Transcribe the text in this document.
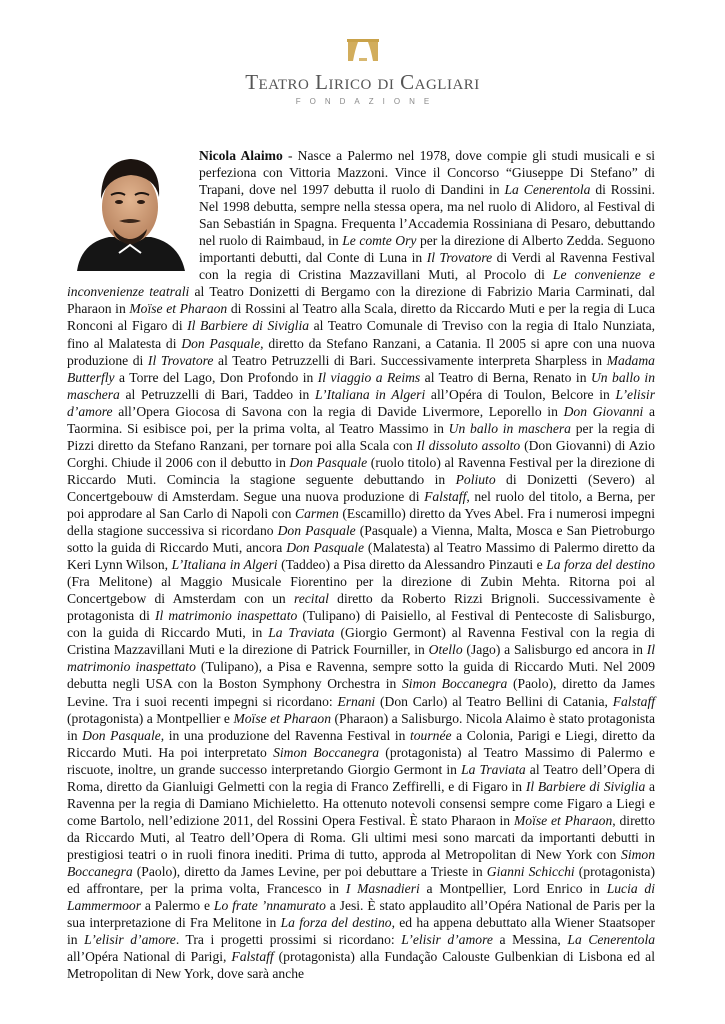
Teatro Lirico di Cagliari
FONDAZIONE

Nicola Alaimo - Nasce a Palermo nel 1978, dove compie gli studi musicali e si perfeziona con Vittoria Mazzoni. Vince il Concorso “Giuseppe Di Stefano” di Trapani, dove nel 1997 debutta il ruolo di Dandini in La Cenerentola di Rossini. Nel 1998 debutta, sempre nella stessa opera, ma nel ruolo di Alidoro, al Festival di San Sebastián in Spagna. Frequenta l’Accademia Rossiniana di Pesaro, debuttando nel ruolo di Raimbaud, in Le comte Ory per la direzione di Alberto Zedda. Seguono importanti debutti, dal Conte di Luna in Il Trovatore di Verdi al Ravenna Festival con la regia di Cristina Mazzavillani Muti, al Procolo di Le convenienze e inconvenienze teatrali al Teatro Donizetti di Bergamo con la direzione di Fabrizio Maria Carminati, dal Pharaon in Moïse et Pharaon di Rossini al Teatro alla Scala, diretto da Riccardo Muti e per la regia di Luca Ronconi al Figaro di Il Barbiere di Siviglia al Teatro Comunale di Treviso con la regia di Italo Nunziata, fino al Malatesta di Don Pasquale, diretto da Stefano Ranzani, a Catania. Il 2005 si apre con una nuova produzione di Il Trovatore al Teatro Petruzzelli di Bari. Successivamente interpreta Sharpless in Madama Butterfly a Torre del Lago, Don Profondo in Il viaggio a Reims al Teatro di Berna, Renato in Un ballo in maschera al Petruzzelli di Bari, Taddeo in L’Italiana in Algeri all’Opéra di Toulon, Belcore in L’elisir d’amore all’Opera Giocosa di Savona con la regia di Davide Livermore, Leporello in Don Giovanni a Taormina. Si esibisce poi, per la prima volta, al Teatro Massimo in Un ballo in maschera per la regia di Pizzi diretto da Stefano Ranzani, per tornare poi alla Scala con Il dissoluto assolto (Don Giovanni) di Azio Corghi. Chiude il 2006 con il debutto in Don Pasquale (ruolo titolo) al Ravenna Festival per la direzione di Riccardo Muti. Comincia la stagione seguente debuttando in Poliuto di Donizetti (Severo) al Concertgebouw di Amsterdam. Segue una nuova produzione di Falstaff, nel ruolo del titolo, a Berna, per poi approdare al San Carlo di Napoli con Carmen (Escamillo) diretto da Yves Abel. Fra i numerosi impegni della stagione successiva si ricordano Don Pasquale (Pasquale) a Vienna, Malta, Mosca e San Pietroburgo sotto la guida di Riccardo Muti, ancora Don Pasquale (Malatesta) al Teatro Massimo di Palermo diretto da Keri Lynn Wilson, L’Italiana in Algeri (Taddeo) a Pisa diretto da Alessandro Pinzauti e La forza del destino (Fra Melitone) al Maggio Musicale Fiorentino per la direzione di Zubin Mehta. Ritorna poi al Concertgebow di Amsterdam con un recital diretto da Roberto Rizzi Brignoli. Successivamente è protagonista di Il matrimonio inaspettato (Tulipano) di Paisiello, al Festival di Pentecoste di Salisburgo, con la guida di Riccardo Muti, in La Traviata (Giorgio Germont) al Ravenna Festival con la regia di Cristina Mazzavillani Muti e la direzione di Patrick Fourniller, in Otello (Jago) a Salisburgo ed ancora in Il matrimonio inaspettato (Tulipano), a Pisa e Ravenna, sempre sotto la guida di Riccardo Muti. Nel 2009 debutta negli USA con la Boston Symphony Orchestra in Simon Boccanegra (Paolo), diretto da James Levine. Tra i suoi recenti impegni si ricordano: Ernani (Don Carlo) al Teatro Bellini di Catania, Falstaff (protagonista) a Montpellier e Moïse et Pharaon (Pharaon) a Salisburgo. Nicola Alaimo è stato protagonista in Don Pasquale, in una produzione del Ravenna Festival in tournée a Colonia, Parigi e Liegi, diretto da Riccardo Muti. Ha poi interpretato Simon Boccanegra (protagonista) al Teatro Massimo di Palermo e riscuote, inoltre, un grande successo interpretando Giorgio Germont in La Traviata al Teatro dell’Opera di Roma, diretto da Gianluigi Gelmetti con la regia di Franco Zeffirelli, e di Figaro in Il Barbiere di Siviglia a Ravenna per la regia di Damiano Michieletto. Ha ottenuto notevoli consensi sempre come Figaro a Liegi e come Bartolo, nell’edizione 2011, del Rossini Opera Festival. È stato Pharaon in Moïse et Pharaon, diretto da Riccardo Muti, al Teatro dell’Opera di Roma. Gli ultimi mesi sono marcati da importanti debutti in prestigiosi teatri o in ruoli finora inediti. Prima di tutto, approda al Metropolitan di New York con Simon Boccanegra (Paolo), diretto da James Levine, per poi debuttare a Trieste in Gianni Schicchi (protagonista) ed affrontare, per la prima volta, Francesco in I Masnadieri a Montpellier, Lord Enrico in Lucia di Lammermoor a Palermo e Lo frate ’nnamurato a Jesi. È stato applaudito all’Opéra National de Paris per la sua interpretazione di Fra Melitone in La forza del destino, ed ha appena debuttato alla Wiener Staatsoper in L’elisir d’amore. Tra i progetti prossimi si ricordano: L’elisir d’amore a Messina, La Cenerentola all’Opéra National di Parigi, Falstaff (protagonista) alla Fundação Calouste Gulbenkian di Lisbona ed al Metropolitan di New York, dove sarà anche
